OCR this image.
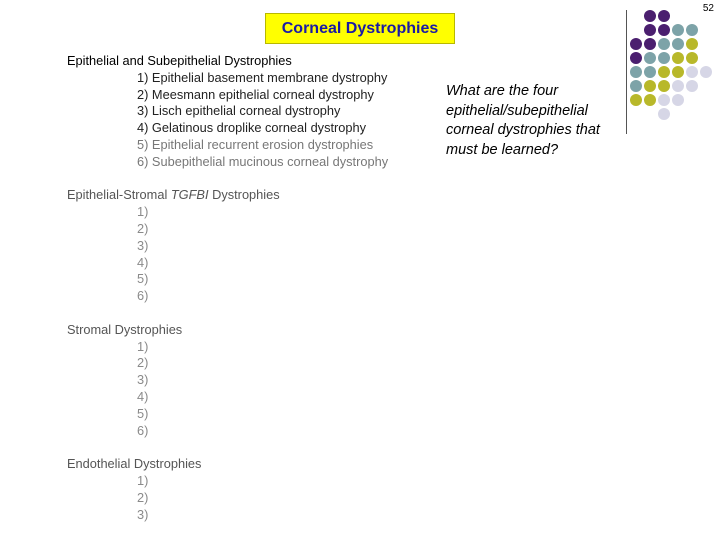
52
Corneal Dystrophies
What are the four epithelial/subepithelial corneal dystrophies that must be learned?
Epithelial and Subepithelial Dystrophies
1) Epithelial basement membrane dystrophy
2) Meesmann epithelial corneal dystrophy
3) Lisch epithelial corneal dystrophy
4) Gelatinous droplike corneal dystrophy
5) Epithelial recurrent erosion dystrophies
6) Subepithelial mucinous corneal dystrophy
Epithelial-Stromal TGFBI Dystrophies
1)
2)
3)
4)
5)
6)
Stromal Dystrophies
1)
2)
3)
4)
5)
6)
Endothelial Dystrophies
1)
2)
3)
